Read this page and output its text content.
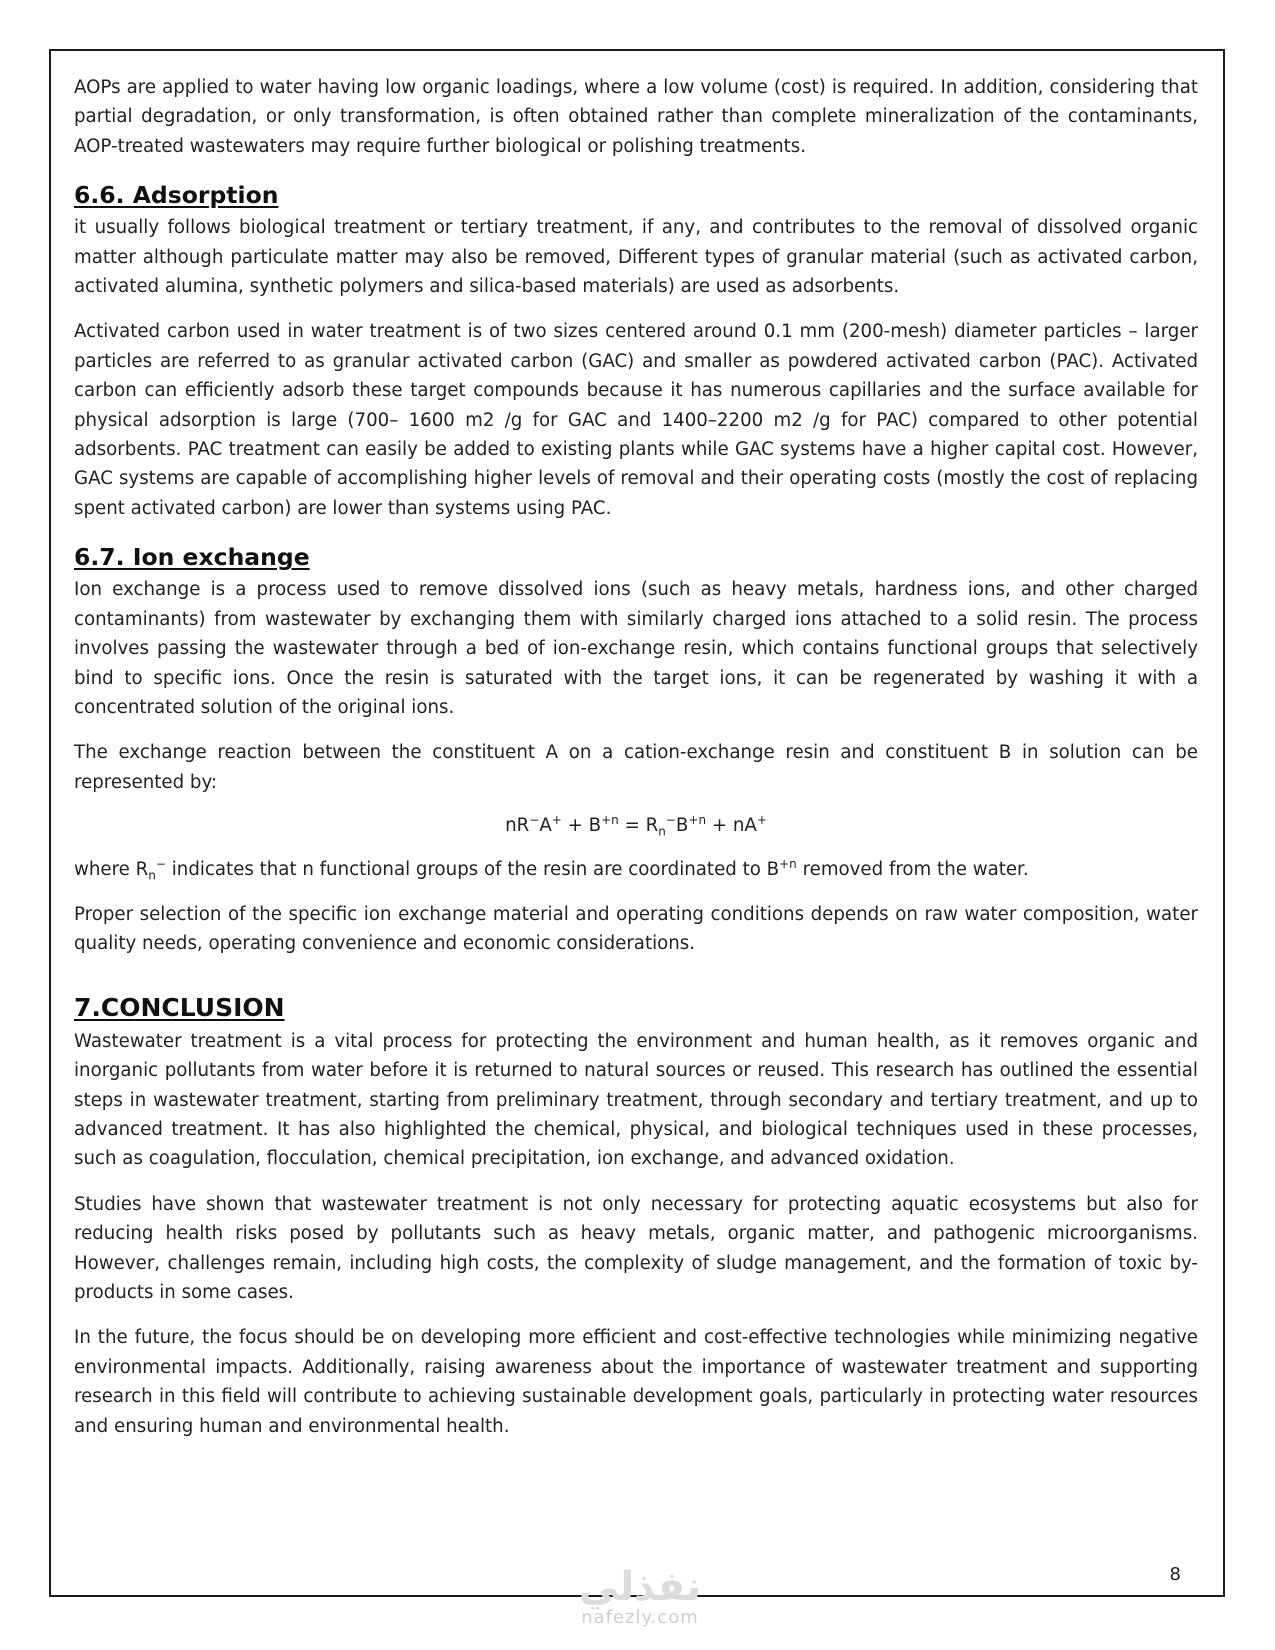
AOPs are applied to water having low organic loadings, where a low volume (cost) is required. In addition, considering that partial degradation, or only transformation, is often obtained rather than complete mineralization of the contaminants, AOP-treated wastewaters may require further biological or polishing treatments.

6.6. Adsorption

it usually follows biological treatment or tertiary treatment, if any, and contributes to the removal of dissolved organic matter although particulate matter may also be removed, Different types of granular material (such as activated carbon, activated alumina, synthetic polymers and silica-based materials) are used as adsorbents.

Activated carbon used in water treatment is of two sizes centered around 0.1 mm (200-mesh) diameter particles – larger particles are referred to as granular activated carbon (GAC) and smaller as powdered activated carbon (PAC). Activated carbon can efficiently adsorb these target compounds because it has numerous capillaries and the surface available for physical adsorption is large (700– 1600 m2 /g for GAC and 1400–2200 m2 /g for PAC) compared to other potential adsorbents. PAC treatment can easily be added to existing plants while GAC systems have a higher capital cost. However, GAC systems are capable of accomplishing higher levels of removal and their operating costs (mostly the cost of replacing spent activated carbon) are lower than systems using PAC.

6.7. Ion exchange

Ion exchange is a process used to remove dissolved ions (such as heavy metals, hardness ions, and other charged contaminants) from wastewater by exchanging them with similarly charged ions attached to a solid resin. The process involves passing the wastewater through a bed of ion-exchange resin, which contains functional groups that selectively bind to specific ions. Once the resin is saturated with the target ions, it can be regenerated by washing it with a concentrated solution of the original ions.

The exchange reaction between the constituent A on a cation-exchange resin and constituent B in solution can be represented by:

$nR^-A^+ + B^{+n} = R_n^-B^{+n} + nA^+$

where $R_n^-$ indicates that n functional groups of the resin are coordinated to $B^{+n}$ removed from the water.

Proper selection of the specific ion exchange material and operating conditions depends on raw water composition, water quality needs, operating convenience and economic considerations.

7.CONCLUSION

Wastewater treatment is a vital process for protecting the environment and human health, as it removes organic and inorganic pollutants from water before it is returned to natural sources or reused. This research has outlined the essential steps in wastewater treatment, starting from preliminary treatment, through secondary and tertiary treatment, and up to advanced treatment. It has also highlighted the chemical, physical, and biological techniques used in these processes, such as coagulation, flocculation, chemical precipitation, ion exchange, and advanced oxidation.

Studies have shown that wastewater treatment is not only necessary for protecting aquatic ecosystems but also for reducing health risks posed by pollutants such as heavy metals, organic matter, and pathogenic microorganisms. However, challenges remain, including high costs, the complexity of sludge management, and the formation of toxic by-products in some cases.

In the future, the focus should be on developing more efficient and cost-effective technologies while minimizing negative environmental impacts. Additionally, raising awareness about the importance of wastewater treatment and supporting research in this field will contribute to achieving sustainable development goals, particularly in protecting water resources and ensuring human and environmental health.

8
نفذلي
nafezly.com
